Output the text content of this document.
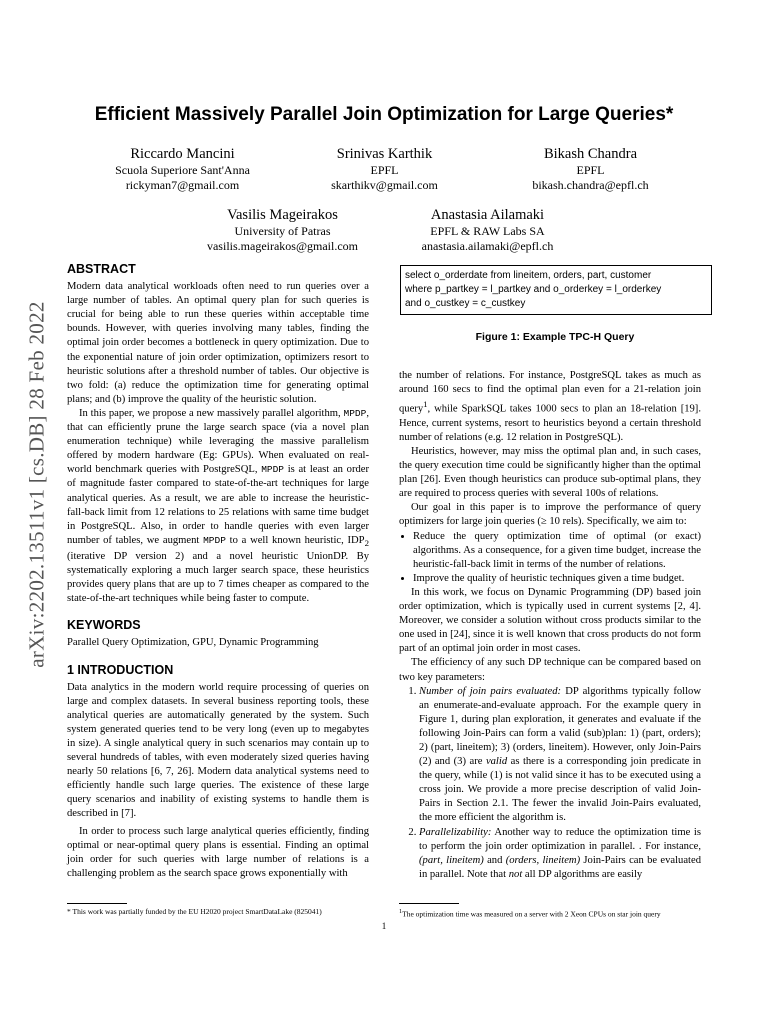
Efficient Massively Parallel Join Optimization for Large Queries*
Riccardo Mancini
Scuola Superiore Sant'Anna
rickyman7@gmail.com
Srinivas Karthik
EPFL
skarthikv@gmail.com
Bikash Chandra
EPFL
bikash.chandra@epfl.ch
Vasilis Mageirakos
University of Patras
vasilis.mageirakos@gmail.com
Anastasia Ailamaki
EPFL & RAW Labs SA
anastasia.ailamaki@epfl.ch
arXiv:2202.13511v1 [cs.DB] 28 Feb 2022
ABSTRACT

Modern data analytical workloads often need to run queries over a large number of tables. An optimal query plan for such queries is crucial for being able to run these queries within acceptable time bounds. However, with queries involving many tables, finding the optimal join order becomes a bottleneck in query optimization. Due to the exponential nature of join order optimization, optimizers resort to heuristic solutions after a threshold number of tables. Our objective is two fold: (a) reduce the optimization time for generating optimal plans; and (b) improve the quality of the heuristic solution.

In this paper, we propose a new massively parallel algorithm, MPDP, that can efficiently prune the large search space (via a novel plan enumeration technique) while leveraging the massive parallelism offered by modern hardware (Eg: GPUs). When evaluated on real-world benchmark queries with PostgreSQL, MPDP is at least an order of magnitude faster compared to state-of-the-art techniques for large analytical queries. As a result, we are able to increase the heuristic-fall-back limit from 12 relations to 25 relations with same time budget in PostgreSQL. Also, in order to handle queries with even larger number of tables, we augment MPDP to a well known heuristic, $IDP_2$ (iterative DP version 2) and a novel heuristic UnionDP. By systematically exploring a much larger search space, these heuristics provides query plans that are up to 7 times cheaper as compared to the state-of-the-art techniques while being faster to compute.

KEYWORDS

Parallel Query Optimization, GPU, Dynamic Programming

1 INTRODUCTION

Data analytics in the modern world require processing of queries on large and complex datasets. In several business reporting tools, these analytical queries are automatically generated by the system. Such system generated queries tend to be very long (even up to megabytes in size). A single analytical query in such scenarios may contain up to several hundreds of tables, with even moderately sized queries having nearly 50 relations [6, 7, 26]. Modern data analytical systems need to efficiently handle such large queries. The existence of these large query scenarios and inability of existing systems to handle them is described in [7].

In order to process such large analytical queries efficiently, finding optimal or near-optimal query plans is essential. Finding an optimal join order for such queries with large number of relations is a challenging problem as the search space grows exponentially with

select o_orderdate from lineitem, orders, part, customer
where p_partkey = l_partkey and o_orderkey = l_orderkey
and o_custkey = c_custkey
Figure 1: Example TPC-H Query

the number of relations. For instance, PostgreSQL takes as much as around 160 secs to find the optimal plan even for a 21-relation join query$^1$, while SparkSQL takes 1000 secs to plan an 18-relation [19]. Hence, current systems, resort to heuristics beyond a certain threshold number of relations (e.g. 12 relation in PostgreSQL).

Heuristics, however, may miss the optimal plan and, in such cases, the query execution time could be significantly higher than the optimal plan [26]. Even though heuristics can produce sub-optimal plans, they are required to process queries with several 100s of relations.

Our goal in this paper is to improve the performance of query optimizers for large join queries (≥ 10 rels). Specifically, we aim to:

• Reduce the query optimization time of optimal (or exact) algorithms. As a consequence, for a given time budget, increase the heuristic-fall-back limit in terms of the number of relations.
• Improve the quality of heuristic techniques given a time budget.

In this work, we focus on Dynamic Programming (DP) based join order optimization, which is typically used in current systems [2, 4]. Moreover, we consider a solution without cross products similar to the one used in [24], since it is well known that cross products do not form part of an optimal join order in most cases.

The efficiency of any such DP technique can be compared based on two key parameters:

1. Number of join pairs evaluated: DP algorithms typically follow an enumerate-and-evaluate approach. For the example query in Figure 1, during plan exploration, it generates and evaluate if the following Join-Pairs can form a valid (sub)plan: 1) (part, orders); 2) (part, lineitem); 3) (orders, lineitem). However, only Join-Pairs (2) and (3) are valid as there is a corresponding join predicate in the query, while (1) is not valid since it has to be executed using a cross join. We provide a more precise description of valid Join-Pairs in Section 2.1. The fewer the invalid Join-Pairs evaluated, the more efficient the algorithm is.
2. Parallelizability: Another way to reduce the optimization time is to perform the join order optimization in parallel. . For instance, (part, lineitem) and (orders, lineitem) Join-Pairs can be evaluated in parallel. Note that not all DP algorithms are easily
* This work was partially funded by the EU H2020 project SmartDataLake (825041)	$^1$The optimization time was measured on a server with 2 Xeon CPUs on star join query
1
